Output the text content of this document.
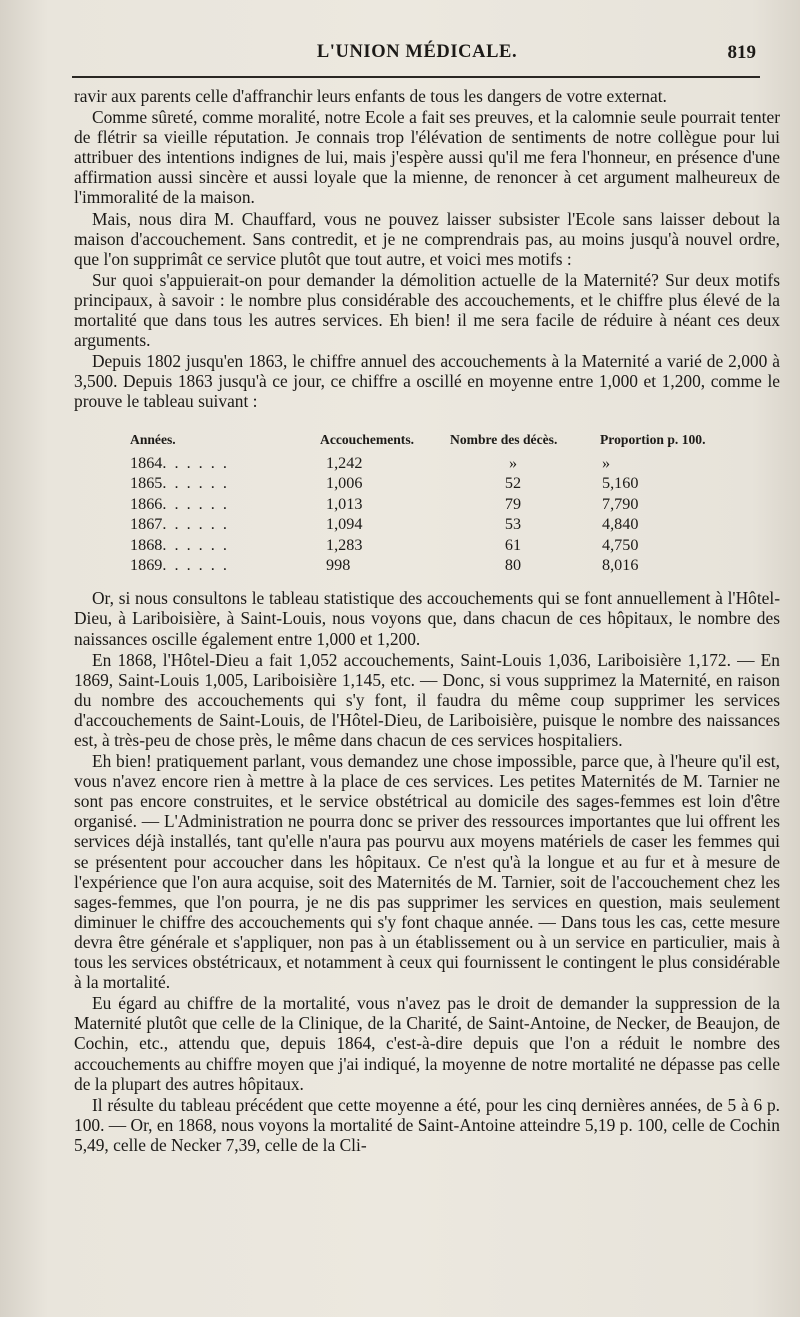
L'UNION MÉDICALE.	819

ravir aux parents celle d'affranchir leurs enfants de tous les dangers de votre externat.

Comme sûreté, comme moralité, notre Ecole a fait ses preuves, et la calomnie seule pourrait tenter de flétrir sa vieille réputation. Je connais trop l'élévation de sentiments de notre collègue pour lui attribuer des intentions indignes de lui, mais j'espère aussi qu'il me fera l'honneur, en présence d'une affirmation aussi sincère et aussi loyale que la mienne, de renoncer à cet argument malheureux de l'immoralité de la maison.

Mais, nous dira M. Chauffard, vous ne pouvez laisser subsister l'Ecole sans laisser debout la maison d'accouchement. Sans contredit, et je ne comprendrais pas, au moins jusqu'à nouvel ordre, que l'on supprimât ce service plutôt que tout autre, et voici mes motifs :

Sur quoi s'appuierait-on pour demander la démolition actuelle de la Maternité? Sur deux motifs principaux, à savoir : le nombre plus considérable des accouchements, et le chiffre plus élevé de la mortalité que dans tous les autres services. Eh bien! il me sera facile de réduire à néant ces deux arguments.

Depuis 1802 jusqu'en 1863, le chiffre annuel des accouchements à la Maternité a varié de 2,000 à 3,500. Depuis 1863 jusqu'à ce jour, ce chiffre a oscillé en moyenne entre 1,000 et 1,200, comme le prouve le tableau suivant :

Années.	Accouchements.	Nombre des décès.	Proportion p. 100.
1864. . . . . .	1,242	»	»
1865. . . . . .	1,006	52	5,160
1866. . . . . .	1,013	79	7,790
1867. . . . . .	1,094	53	4,840
1868. . . . . .	1,283	61	4,750
1869. . . . . .	998	80	8,016

Or, si nous consultons le tableau statistique des accouchements qui se font annuellement à l'Hôtel-Dieu, à Lariboisière, à Saint-Louis, nous voyons que, dans chacun de ces hôpitaux, le nombre des naissances oscille également entre 1,000 et 1,200.

En 1868, l'Hôtel-Dieu a fait 1,052 accouchements, Saint-Louis 1,036, Lariboisière 1,172. — En 1869, Saint-Louis 1,005, Lariboisière 1,145, etc. — Donc, si vous supprimez la Maternité, en raison du nombre des accouchements qui s'y font, il faudra du même coup supprimer les services d'accouchements de Saint-Louis, de l'Hôtel-Dieu, de Lariboisière, puisque le nombre des naissances est, à très-peu de chose près, le même dans chacun de ces services hospitaliers.

Eh bien! pratiquement parlant, vous demandez une chose impossible, parce que, à l'heure qu'il est, vous n'avez encore rien à mettre à la place de ces services. Les petites Maternités de M. Tarnier ne sont pas encore construites, et le service obstétrical au domicile des sages-femmes est loin d'être organisé. — L'Administration ne pourra donc se priver des ressources importantes que lui offrent les services déjà installés, tant qu'elle n'aura pas pourvu aux moyens matériels de caser les femmes qui se présentent pour accoucher dans les hôpitaux. Ce n'est qu'à la longue et au fur et à mesure de l'expérience que l'on aura acquise, soit des Maternités de M. Tarnier, soit de l'accouchement chez les sages-femmes, que l'on pourra, je ne dis pas supprimer les services en question, mais seulement diminuer le chiffre des accouchements qui s'y font chaque année. — Dans tous les cas, cette mesure devra être générale et s'appliquer, non pas à un établissement ou à un service en particulier, mais à tous les services obstétricaux, et notamment à ceux qui fournissent le contingent le plus considérable à la mortalité.

Eu égard au chiffre de la mortalité, vous n'avez pas le droit de demander la suppression de la Maternité plutôt que celle de la Clinique, de la Charité, de Saint-Antoine, de Necker, de Beaujon, de Cochin, etc., attendu que, depuis 1864, c'est-à-dire depuis que l'on a réduit le nombre des accouchements au chiffre moyen que j'ai indiqué, la moyenne de notre mortalité ne dépasse pas celle de la plupart des autres hôpitaux.

Il résulte du tableau précédent que cette moyenne a été, pour les cinq dernières années, de 5 à 6 p. 100. — Or, en 1868, nous voyons la mortalité de Saint-Antoine atteindre 5,19 p. 100, celle de Cochin 5,49, celle de Necker 7,39, celle de la Cli-
